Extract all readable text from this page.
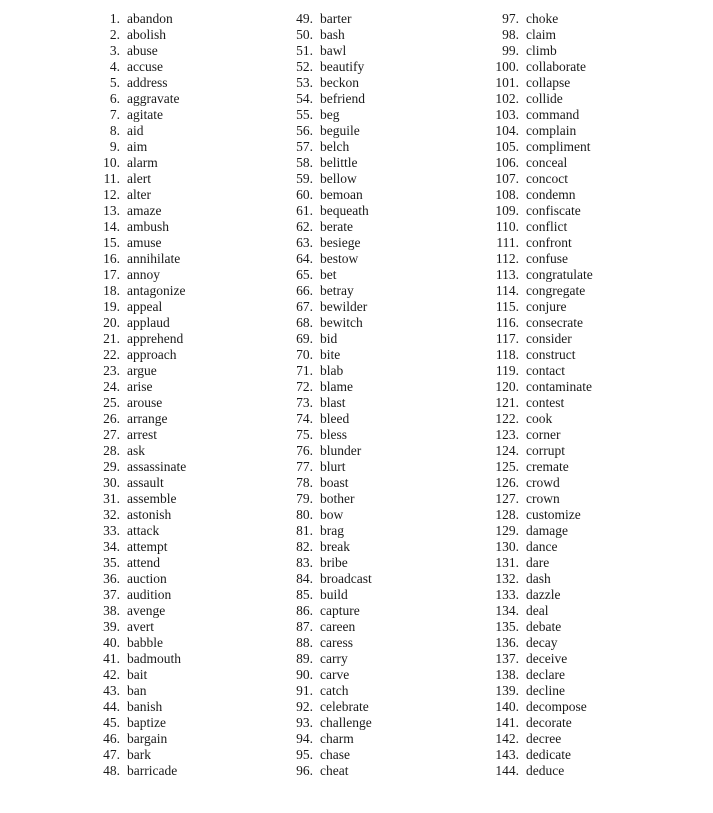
1. abandon
2. abolish
3. abuse
4. accuse
5. address
6. aggravate
7. agitate
8. aid
9. aim
10. alarm
11. alert
12. alter
13. amaze
14. ambush
15. amuse
16. annihilate
17. annoy
18. antagonize
19. appeal
20. applaud
21. apprehend
22. approach
23. argue
24. arise
25. arouse
26. arrange
27. arrest
28. ask
29. assassinate
30. assault
31. assemble
32. astonish
33. attack
34. attempt
35. attend
36. auction
37. audition
38. avenge
39. avert
40. babble
41. badmouth
42. bait
43. ban
44. banish
45. baptize
46. bargain
47. bark
48. barricade
49. barter
50. bash
51. bawl
52. beautify
53. beckon
54. befriend
55. beg
56. beguile
57. belch
58. belittle
59. bellow
60. bemoan
61. bequeath
62. berate
63. besiege
64. bestow
65. bet
66. betray
67. bewilder
68. bewitch
69. bid
70. bite
71. blab
72. blame
73. blast
74. bleed
75. bless
76. blunder
77. blurt
78. boast
79. bother
80. bow
81. brag
82. break
83. bribe
84. broadcast
85. build
86. capture
87. careen
88. caress
89. carry
90. carve
91. catch
92. celebrate
93. challenge
94. charm
95. chase
96. cheat
97. choke
98. claim
99. climb
100. collaborate
101. collapse
102. collide
103. command
104. complain
105. compliment
106. conceal
107. concoct
108. condemn
109. confiscate
110. conflict
111. confront
112. confuse
113. congratulate
114. congregate
115. conjure
116. consecrate
117. consider
118. construct
119. contact
120. contaminate
121. contest
122. cook
123. corner
124. corrupt
125. cremate
126. crowd
127. crown
128. customize
129. damage
130. dance
131. dare
132. dash
133. dazzle
134. deal
135. debate
136. decay
137. deceive
138. declare
139. decline
140. decompose
141. decorate
142. decree
143. dedicate
144. deduce
